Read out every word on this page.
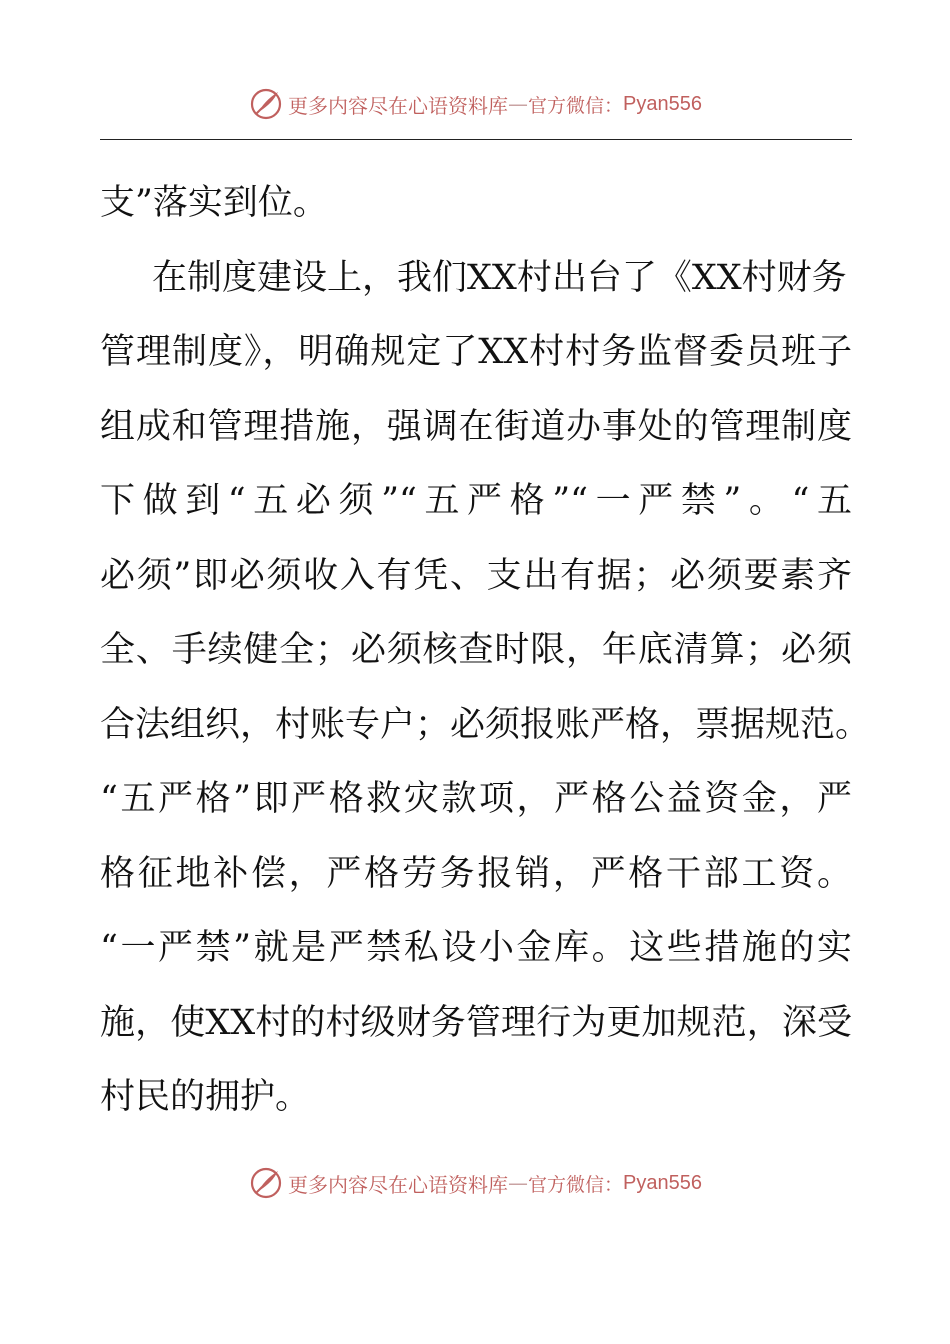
更多内容尽在心语资料库 — 官方微信： Pyan556
支”落实到位。
在制度建设上，我们XX村出台了《XX村财务
管理制度》，明确规定了XX村村务监督委员班子
组成和管理措施，强调在街道办事处的管理制度
下做到“五必须”“五严格”“一严禁”。“五
必须”即必须收入有凭、支出有据；必须要素齐
全、手续健全；必须核查时限，年底清算；必须
合法组织，村账专户；必须报账严格，票据规范。
“五严格”即严格救灾款项，严格公益资金，严
格征地补偿，严格劳务报销，严格干部工资。
“一严禁”就是严禁私设小金库。这些措施的实
施，使XX村的村级财务管理行为更加规范，深受
村民的拥护。
更多内容尽在心语资料库 — 官方微信： Pyan556
